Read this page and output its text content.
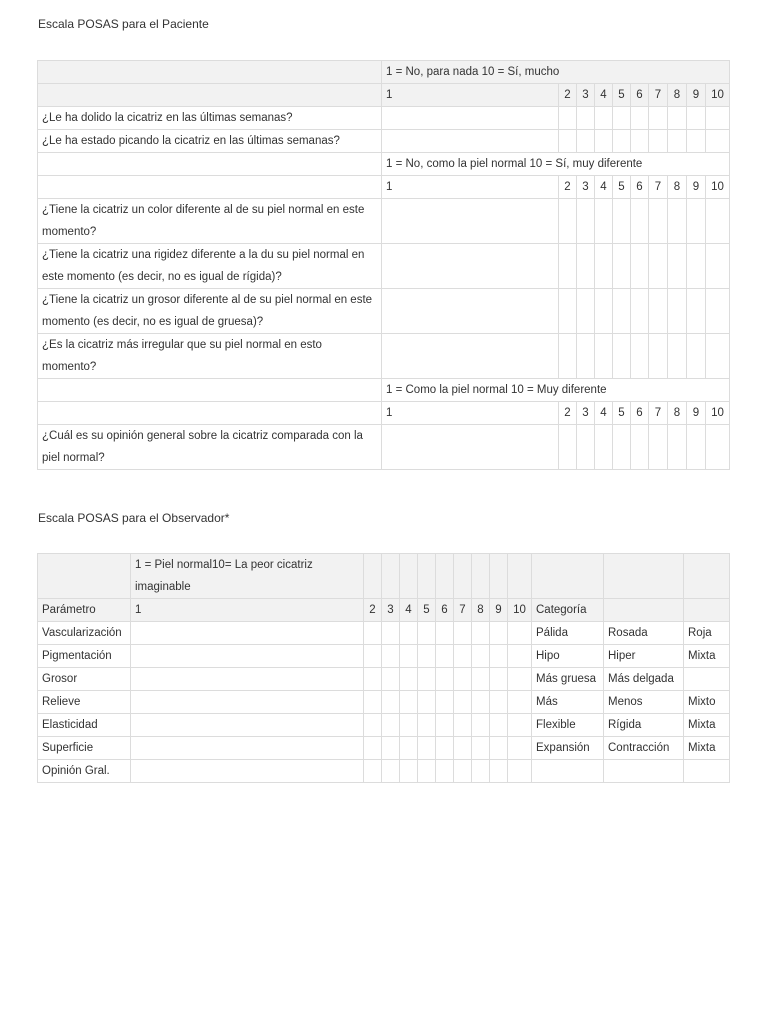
Escala POSAS para el Paciente
	1 = No, para nada 10 = Sí, mucho									
	1	2	3	4	5	6	7	8	9	10
¿Le ha dolido la cicatriz en las últimas semanas?										
¿Le ha estado picando la cicatriz en las últimas semanas?										
	1 = No, como la piel normal 10 = Sí, muy diferente									
	1	2	3	4	5	6	7	8	9	10
¿Tiene la cicatriz un color diferente al de su piel normal en este momento?										
¿Tiene la cicatriz una rigidez diferente a la du su piel normal en este momento (es decir, no es igual de rígida)?										
¿Tiene la cicatriz un grosor diferente al de su piel normal en este momento (es decir, no es igual de gruesa)?										
¿Es la cicatriz más irregular que su piel normal en esto momento?										
	1 = Como la piel normal 10 = Muy diferente									
	1	2	3	4	5	6	7	8	9	10
¿Cuál es su opinión general sobre la cicatriz comparada con la piel normal?										
Escala POSAS para el Observador*
	1 = Piel normal10= La peor cicatriz imaginable												
Parámetro	1	2	3	4	5	6	7	8	9	10	Categoría		
Vascularización											Pálida	Rosada	Roja
Pigmentación											Hipo	Hiper	Mixta
Grosor											Más gruesa	Más delgada	
Relieve											Más	Menos	Mixto
Elasticidad											Flexible	Rígida	Mixta
Superficie											Expansión	Contracción	Mixta
Opinión Gral.													
